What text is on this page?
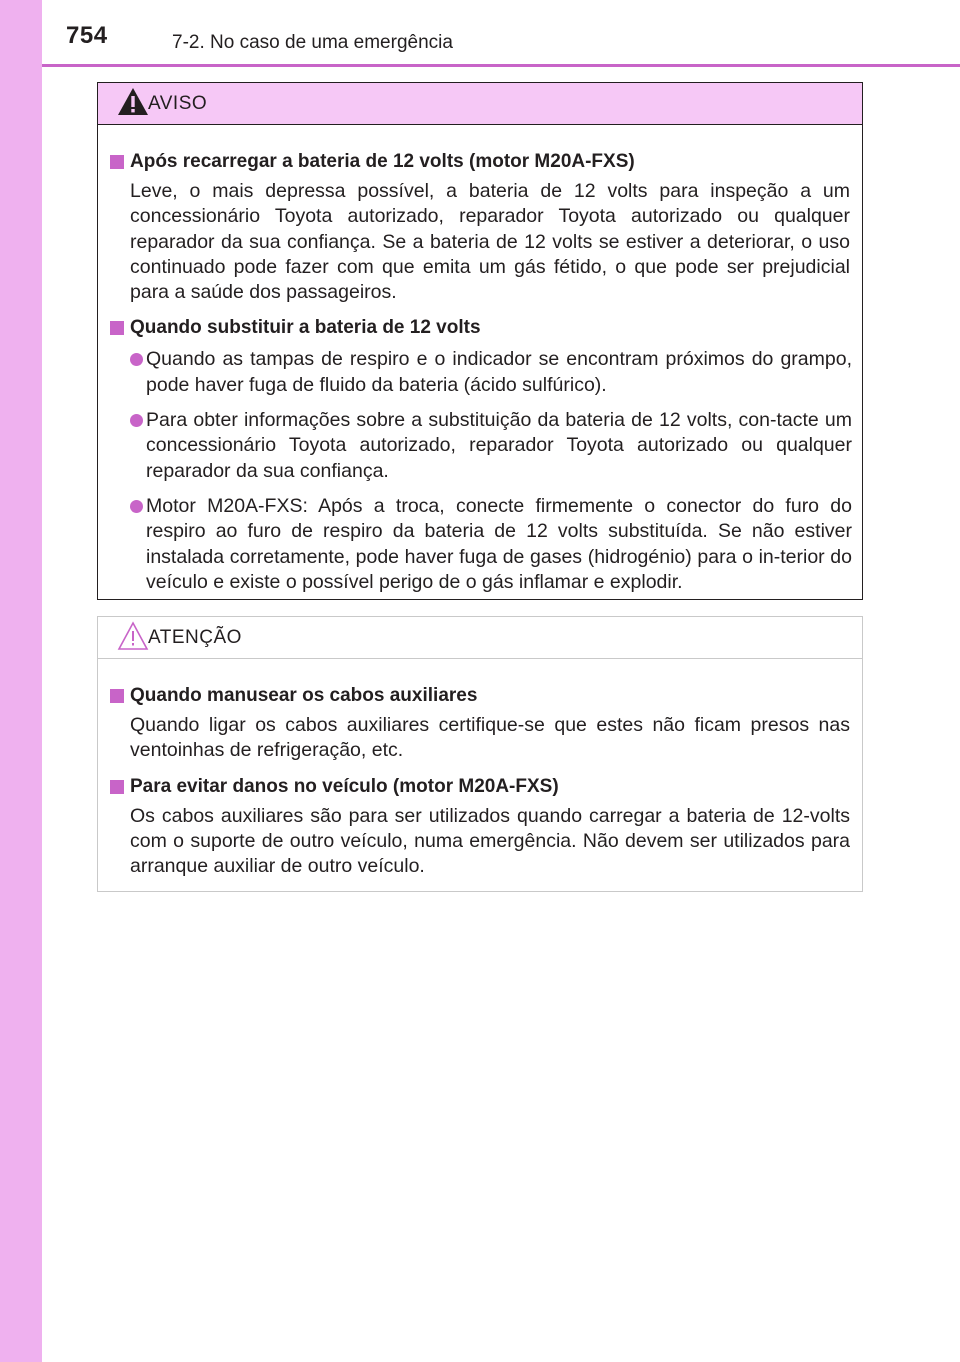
754	7-2. No caso de uma emergência
AVISO
Após recarregar a bateria de 12 volts (motor M20A-FXS)
Leve, o mais depressa possível, a bateria de 12 volts para inspeção a um concessionário Toyota autorizado, reparador Toyota autorizado ou qualquer reparador da sua confiança. Se a bateria de 12 volts se estiver a deteriorar, o uso continuado pode fazer com que emita um gás fétido, o que pode ser prejudicial para a saúde dos passageiros.
Quando substituir a bateria de 12 volts
Quando as tampas de respiro e o indicador se encontram próximos do grampo, pode haver fuga de fluido da bateria (ácido sulfúrico).
Para obter informações sobre a substituição da bateria de 12 volts, con-tacte um concessionário Toyota autorizado, reparador Toyota autorizado ou qualquer reparador da sua confiança.
Motor M20A-FXS: Após a troca, conecte firmemente o conector do furo do respiro ao furo de respiro da bateria de 12 volts substituída. Se não estiver instalada corretamente, pode haver fuga de gases (hidrogénio) para o in-terior do veículo e existe o possível perigo de o gás inflamar e explodir.
ATENÇÃO
Quando manusear os cabos auxiliares
Quando ligar os cabos auxiliares certifique-se que estes não ficam presos nas ventoinhas de refrigeração, etc.
Para evitar danos no veículo (motor M20A-FXS)
Os cabos auxiliares são para ser utilizados quando carregar a bateria de 12-volts com o suporte de outro veículo, numa emergência. Não devem ser utilizados para arranque auxiliar de outro veículo.
